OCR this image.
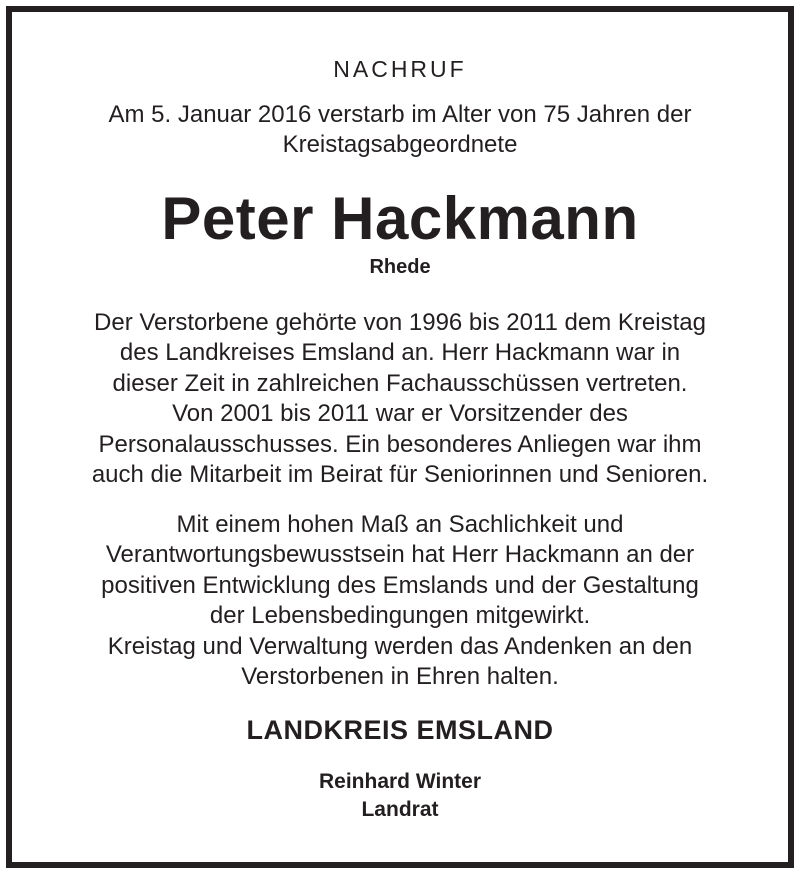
NACHRUF
Am 5. Januar 2016 verstarb im Alter von 75 Jahren der
Kreistagsabgeordnete
Peter Hackmann
Rhede
Der Verstorbene gehörte von 1996 bis 2011 dem Kreistag
des Landkreises Emsland an. Herr Hackmann war in
dieser Zeit in zahlreichen Fachausschüssen vertreten.
Von 2001 bis 2011 war er Vorsitzender des
Personalausschusses. Ein besonderes Anliegen war ihm
auch die Mitarbeit im Beirat für Seniorinnen und Senioren.
Mit einem hohen Maß an Sachlichkeit und
Verantwortungsbewusstsein hat Herr Hackmann an der
positiven Entwicklung des Emslands und der Gestaltung
der Lebensbedingungen mitgewirkt.
Kreistag und Verwaltung werden das Andenken an den
Verstorbenen in Ehren halten.
LANDKREIS EMSLAND
Reinhard Winter
Landrat
